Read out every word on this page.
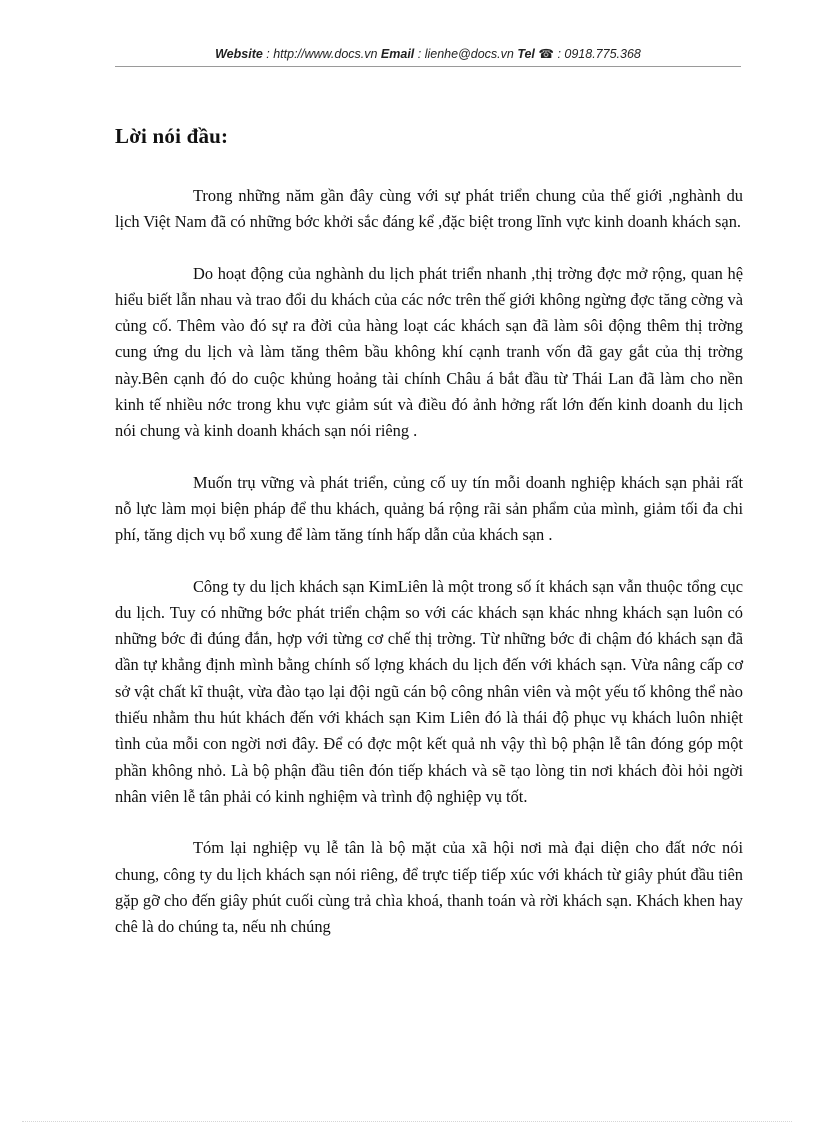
Website : http://www.docs.vn Email : lienhe@docs.vn Tel ☎ : 0918.775.368
Lời nói đầu:

Trong những năm gần đây cùng với sự phát triển chung của thế giới ,nghành du lịch Việt Nam đã có những bớc khởi sắc đáng kể ,đặc biệt trong lĩnh vực kinh doanh khách sạn.

Do hoạt động của nghành du lịch phát triển nhanh ,thị trờng đợc mở rộng, quan hệ hiểu biết lẫn nhau và trao đổi du khách của các nớc trên thế giới không ngừng đợc tăng cờng và củng cố. Thêm vào đó sự ra đời của hàng loạt các khách sạn đã làm sôi động thêm thị trờng cung ứng du lịch và làm tăng thêm bầu không khí cạnh tranh vốn đã gay gắt của thị trờng này.Bên cạnh đó do cuộc khủng hoảng tài chính Châu á bắt đầu từ Thái Lan đã làm cho nền kinh tế nhiều nớc trong khu vực giảm sút và điều đó ảnh hởng rất lớn đến kinh doanh du lịch nói chung và kinh doanh khách sạn nói riêng .

Muốn trụ vững và phát triển, củng cố uy tín mỗi doanh nghiệp khách sạn phải rất nỗ lực làm mọi biện pháp để thu khách, quảng bá rộng rãi sản phẩm của mình, giảm tối đa chi phí, tăng dịch vụ bổ xung để làm tăng tính hấp dẫn của khách sạn .

Công ty du lịch khách sạn KimLiên là một trong số ít khách sạn vẫn thuộc tổng cục du lịch. Tuy có những bớc phát triển chậm so với các khách sạn khác nhng khách sạn luôn có những bớc đi đúng đắn, hợp với từng cơ chế thị trờng. Từ những bớc đi chậm đó khách sạn đã dần tự khẳng định mình bằng chính số lợng khách du lịch đến với khách sạn. Vừa nâng cấp cơ sở vật chất kĩ thuật, vừa đào tạo lại đội ngũ cán bộ công nhân viên và một yếu tố không thể nào thiếu nhằm thu hút khách đến với khách sạn Kim Liên đó là thái độ phục vụ khách luôn nhiệt tình của mỗi con ngời nơi đây. Để có đợc một kết quả nh vậy thì bộ phận lễ tân đóng góp một phần không nhỏ. Là bộ phận đầu tiên đón tiếp khách và sẽ tạo lòng tin nơi khách đòi hỏi ngời nhân viên lễ tân phải có kinh nghiệm và trình độ nghiệp vụ tốt.

Tóm lại nghiệp vụ lễ tân là bộ mặt của xã hội nơi mà đại diện cho đất nớc nói chung, công ty du lịch khách sạn nói riêng, để trực tiếp tiếp xúc với khách từ giây phút đầu tiên gặp gỡ cho đến giây phút cuối cùng trả chìa khoá, thanh toán và rời khách sạn. Khách khen hay chê là do chúng ta, nếu nh chúng
